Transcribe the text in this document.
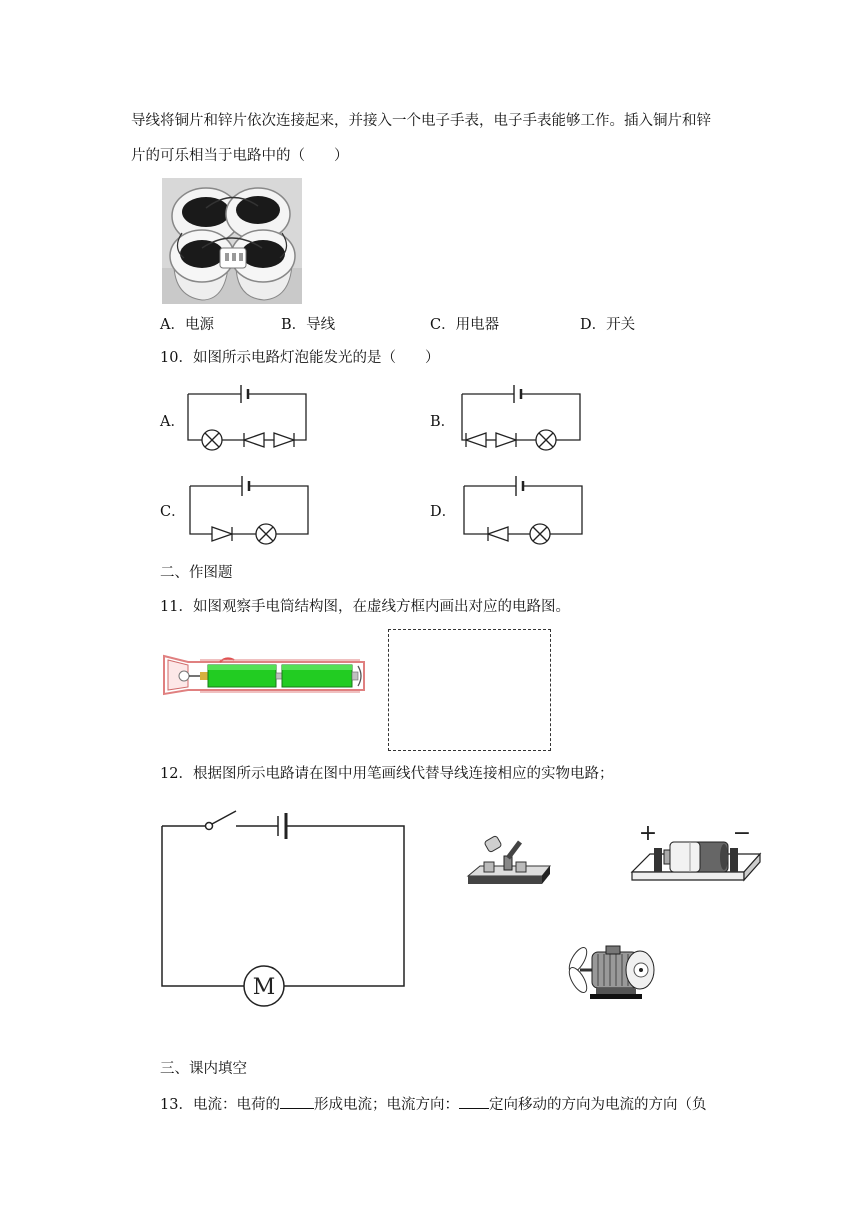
导线将铜片和锌片依次连接起来，并接入一个电子手表，电子手表能够工作。插入铜片和锌
片的可乐相当于电路中的（　　）
A．电源	B．导线	C．用电器	D．开关
10．如图所示电路灯泡能发光的是（　　）
A．	B．
C．	D．
二、作图题
11．如图观察手电筒结构图，在虚线方框内画出对应的电路图。
12．根据图所示电路请在图中用笔画线代替导线连接相应的实物电路；
M
+	−
三、课内填空
13．电流：电荷的 形成电流；电流方向： 定向移动的方向为电流的方向（负
